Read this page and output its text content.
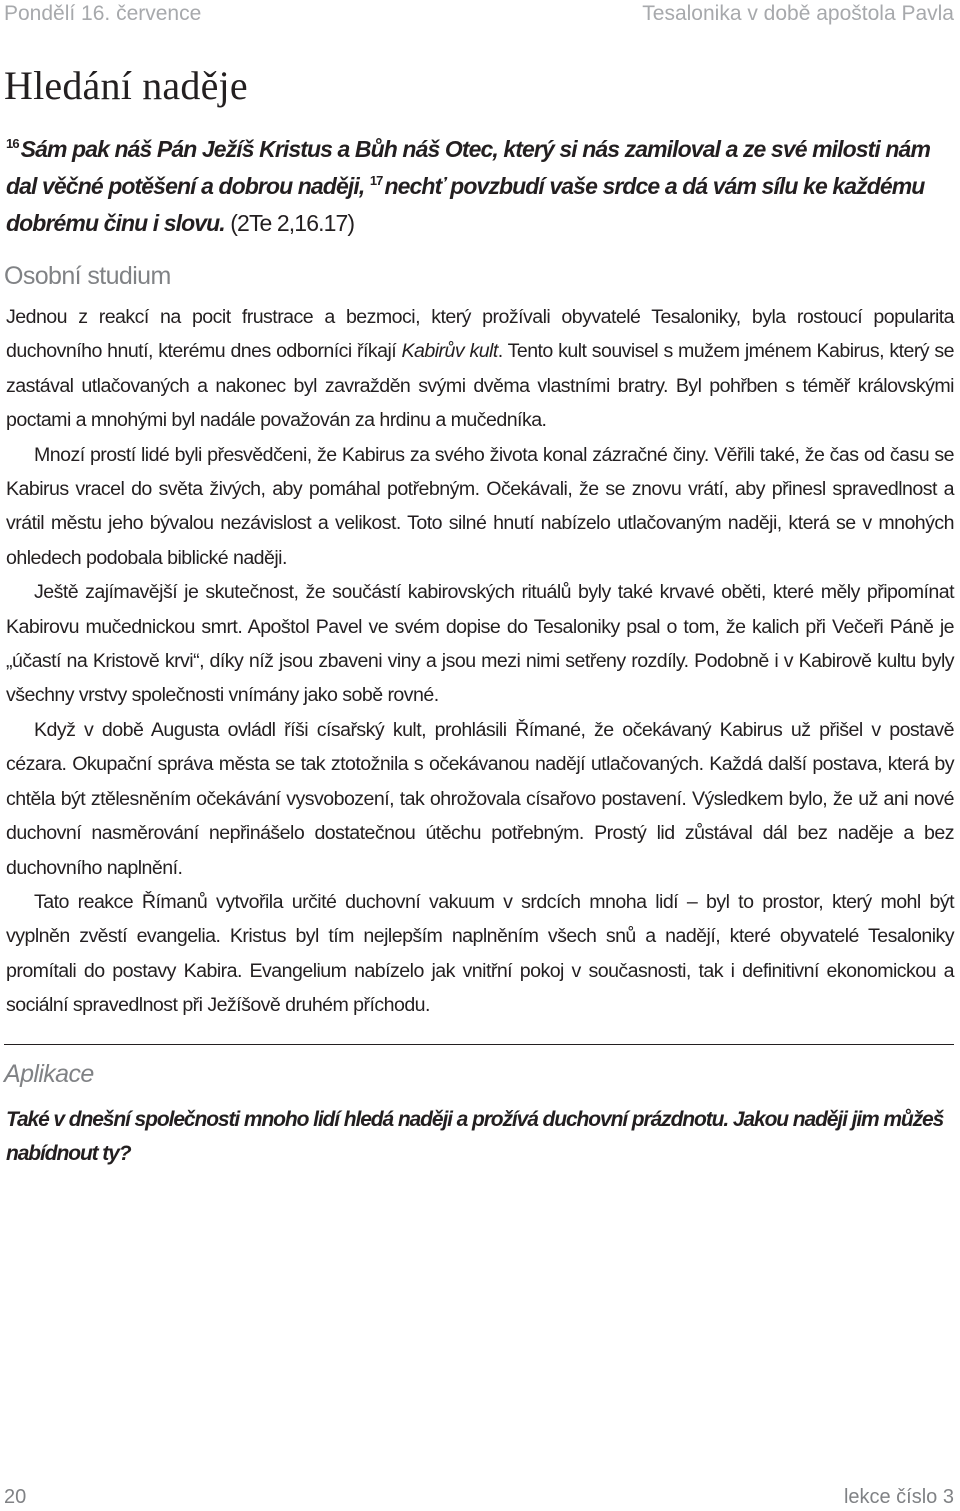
Pondělí 16. července	Tesalonika v době apoštola Pavla
Hledání naděje
$^{16}$Sám pak náš Pán Ježíš Kristus a Bůh náš Otec, který si nás zamiloval a ze své milosti nám dal věčné potěšení a dobrou naději, $^{17}$nechť povzbudí vaše srdce a dá vám sílu ke každému dobrému činu i slovu. (2Te 2,16.17)
Osobní studium

Jednou z reakcí na pocit frustrace a bezmoci, který prožívali obyvatelé Tesaloniky, byla rostoucí popularita duchovního hnutí, kterému dnes odborníci říkají Kabirův kult. Tento kult souvisel s mužem jménem Kabirus, který se zastával utlačovaných a nakonec byl zavražděn svými dvěma vlastními bratry. Byl pohřben s téměř královskými poctami a mnohými byl nadále považován za hrdinu a mučedníka.

Mnozí prostí lidé byli přesvědčeni, že Kabirus za svého života konal zázračné činy. Věřili také, že čas od času se Kabirus vracel do světa živých, aby pomáhal potřebným. Očekávali, že se znovu vrátí, aby přinesl spravedlnost a vrátil městu jeho bývalou nezávislost a velikost. Toto silné hnutí nabízelo utlačovaným naději, která se v mnohých ohledech podobala biblické naději.

Ještě zajímavější je skutečnost, že součástí kabirovských rituálů byly také krvavé oběti, které měly připomínat Kabirovu mučednickou smrt. Apoštol Pavel ve svém dopise do Tesaloniky psal o tom, že kalich při Večeři Páně je „účastí na Kristově krvi“, díky níž jsou zbaveni viny a jsou mezi nimi setřeny rozdíly. Podobně i v Kabirově kultu byly všechny vrstvy společnosti vnímány jako sobě rovné.

Když v době Augusta ovládl říši císařský kult, prohlásili Římané, že očekávaný Kabirus už přišel v postavě cézara. Okupační správa města se tak ztotožnila s očekávanou nadějí utlačovaných. Každá další postava, která by chtěla být ztělesněním očekávání vysvobození, tak ohrožovala císařovo postavení. Výsledkem bylo, že už ani nové duchovní nasměrování nepřinášelo dostatečnou útěchu potřebným. Prostý lid zůstával dál bez naděje a bez duchovního naplnění.

Tato reakce Římanů vytvořila určité duchovní vakuum v srdcích mnoha lidí – byl to prostor, který mohl být vyplněn zvěstí evangelia. Kristus byl tím nejlepším naplněním všech snů a nadějí, které obyvatelé Tesaloniky promítali do postavy Kabira. Evangelium nabízelo jak vnitřní pokoj v současnosti, tak i definitivní ekonomickou a sociální spravedlnost při Ježíšově druhém příchodu.

Aplikace
Také v dnešní společnosti mnoho lidí hledá naději a prožívá duchovní prázdnotu. Jakou naději jim můžeš nabídnout ty?
20	lekce číslo 3
